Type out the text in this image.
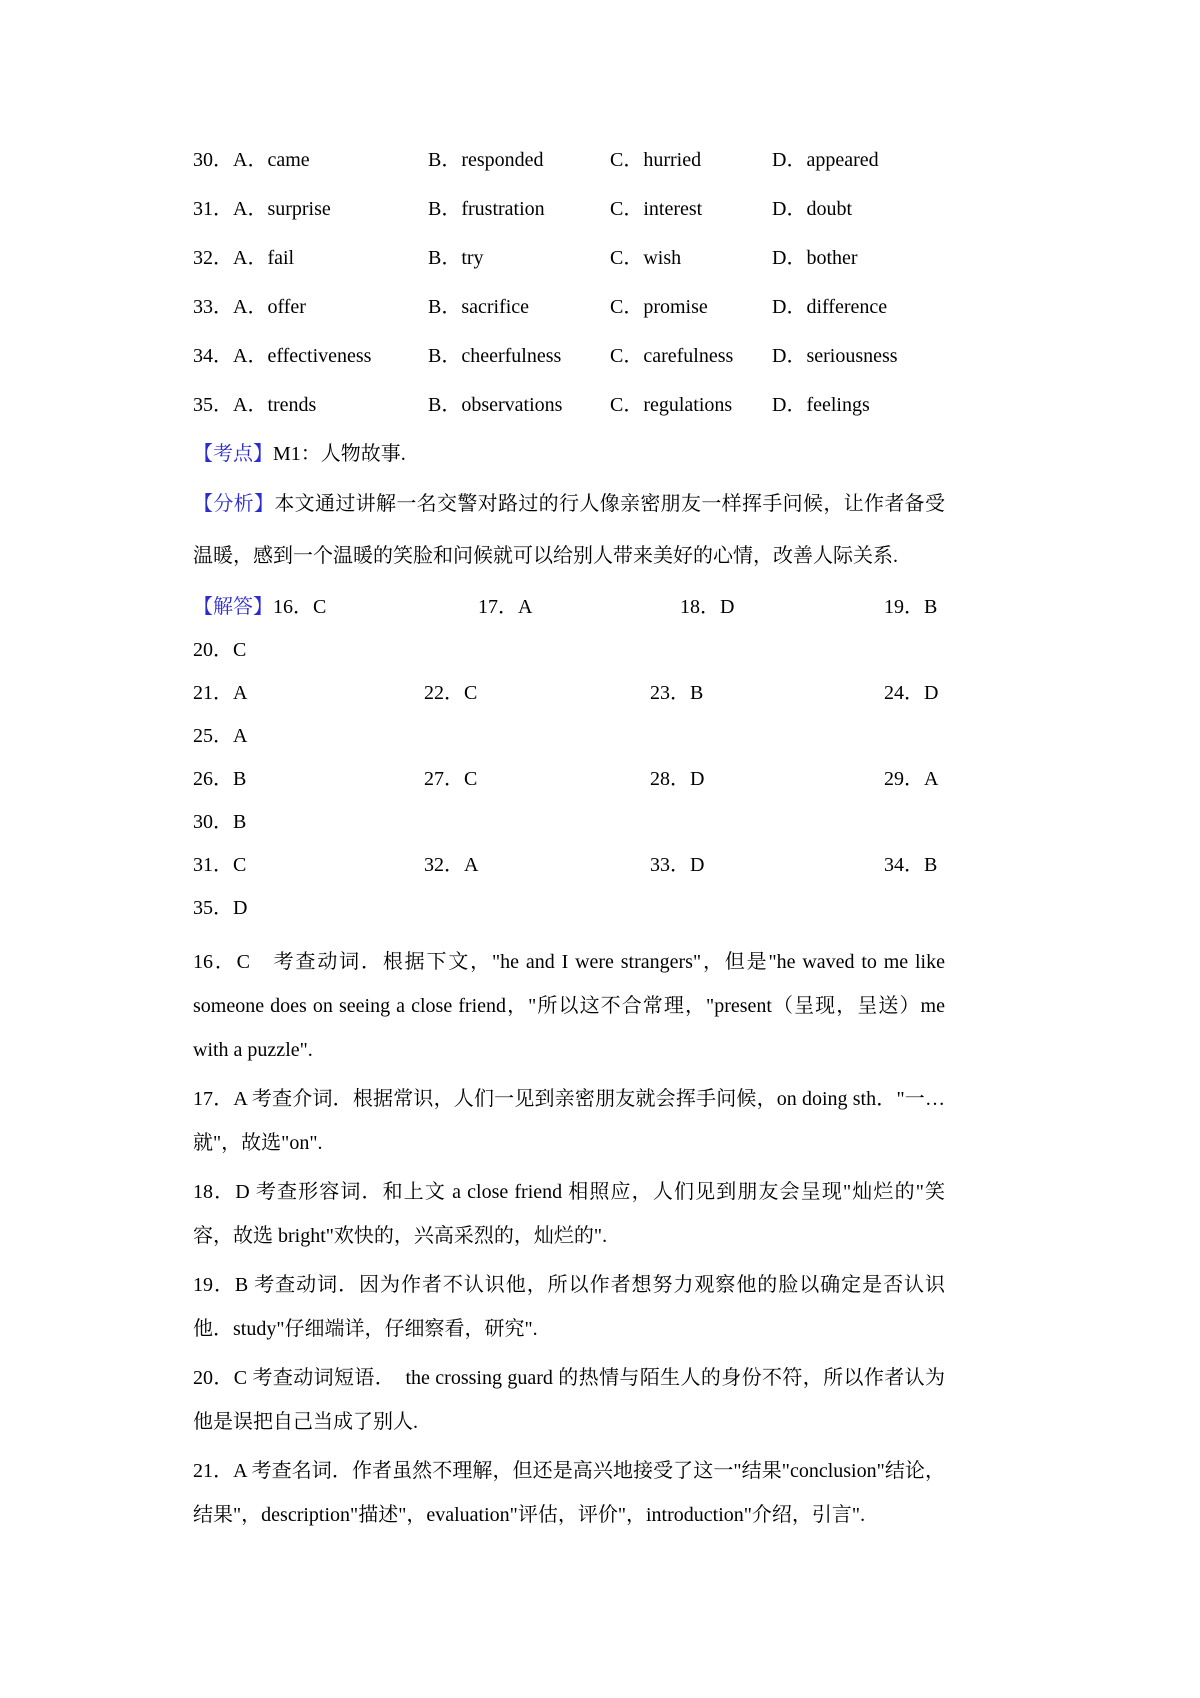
30．A．came	B．responded	C．hurried	D．appeared
31．A．surprise	B．frustration	C．interest	D．doubt
32．A．fail	B．try	C．wish	D．bother
33．A．offer	B．sacrifice	C．promise	D．difference
34．A．effectiveness	B．cheerfulness	C．carefulness	D．seriousness
35．A．trends	B．observations	C．regulations	D．feelings

【考点】M1：人物故事.

【分析】本文通过讲解一名交警对路过的行人像亲密朋友一样挥手问候，让作者备受温暖，感到一个温暖的笑脸和问候就可以给别人带来美好的心情，改善人际关系.

【解答】16．C	17．A	18．D	19．B
20．C
21．A	22．C	23．B	24．D
25．A
26．B	27．C	28．D	29．A
30．B
31．C	32．A	33．D	34．B
35．D

16．C　考查动词．根据下文，"he and I were strangers"，但是"he waved to me like someone does on seeing a close friend，"所以这不合常理，"present（呈现，呈送）me with a puzzle".

17．A 考查介词．根据常识，人们一见到亲密朋友就会挥手问候，on doing sth．"一…就"，故选"on".

18．D 考查形容词．和上文 a close friend 相照应，人们见到朋友会呈现"灿烂的"笑容，故选 bright"欢快的，兴高采烈的，灿烂的".

19．B 考查动词．因为作者不认识他，所以作者想努力观察他的脸以确定是否认识他．study"仔细端详，仔细察看，研究".

20．C 考查动词短语．　the crossing guard 的热情与陌生人的身份不符，所以作者认为他是误把自己当成了别人.

21．A 考查名词．作者虽然不理解，但还是高兴地接受了这一"结果"conclusion"结论，结果"，description"描述"，evaluation"评估，评价"，introduction"介绍，引言".
